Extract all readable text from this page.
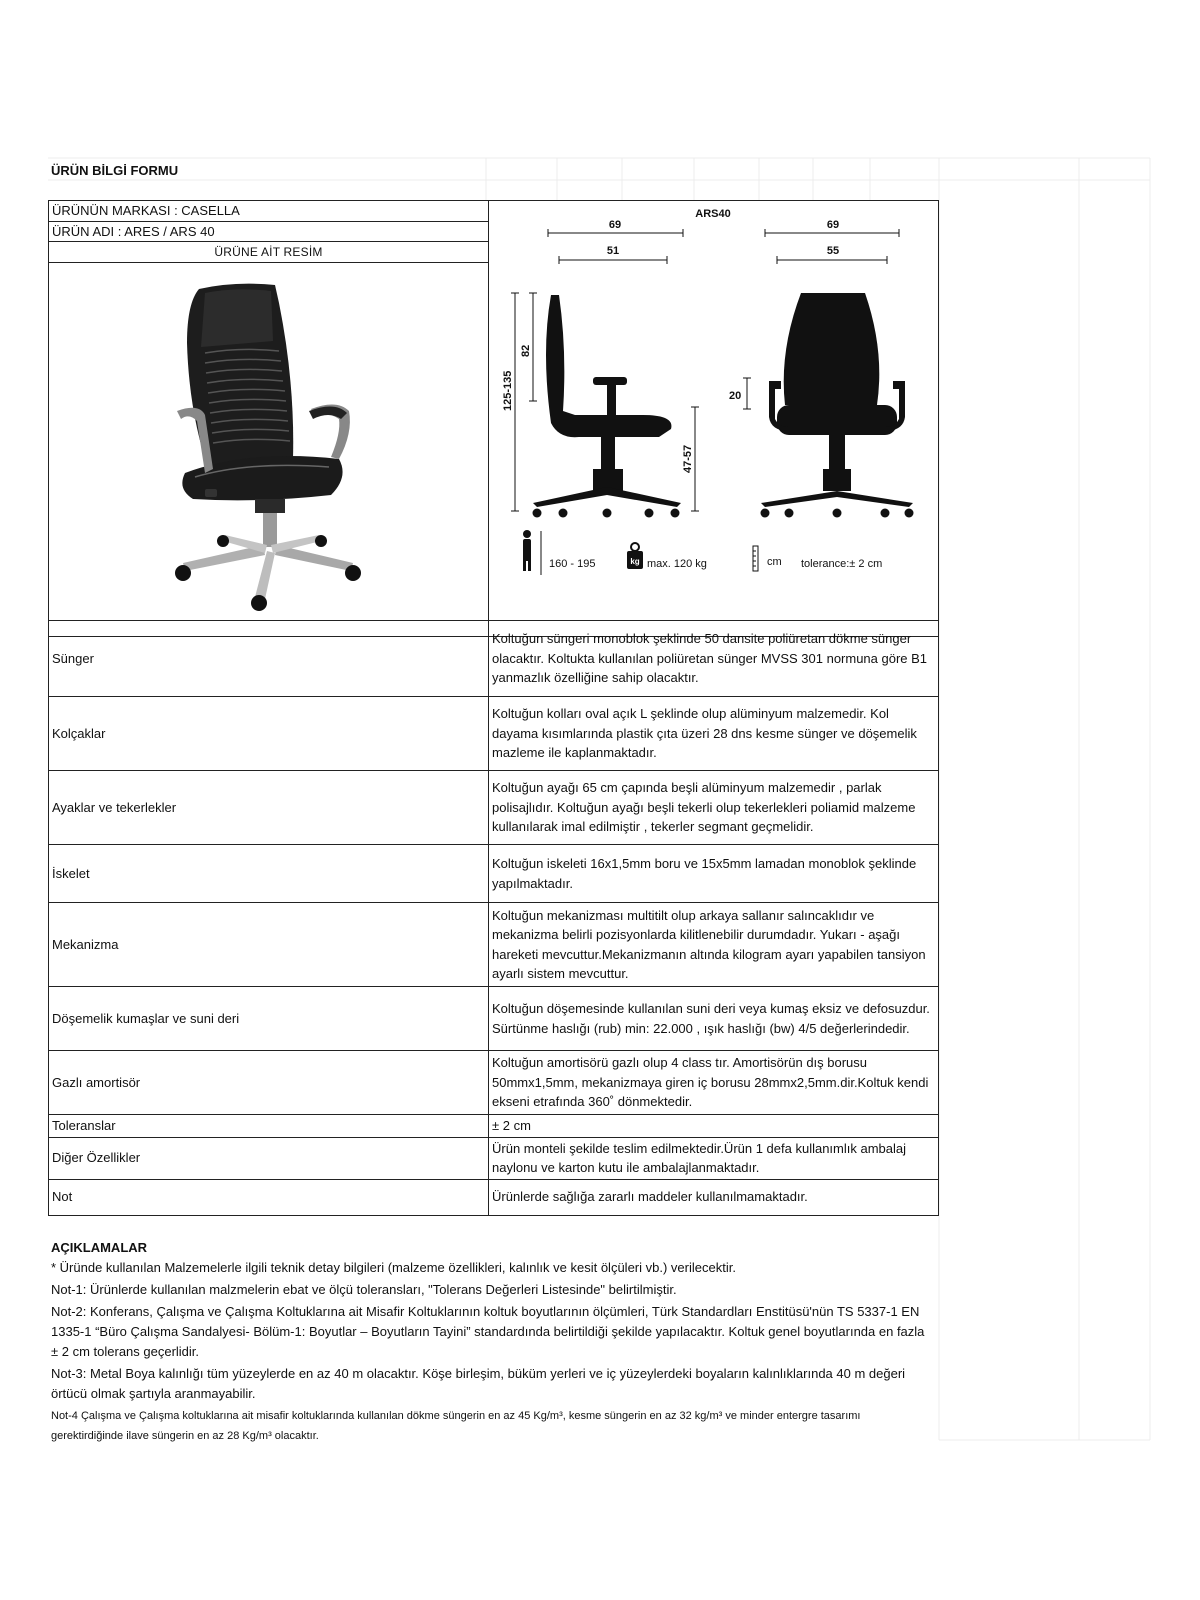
ÜRÜN BİLGİ FORMU
ÜRÜNÜN MARKASI : CASELLA	ARS40
69
51
69
55
125-135
82
47-57
20
160 - 195	kg max. 120 kg	cm tolerance:± 2 cm

ÜRÜN ADI : ARES / ARS 40
ÜRÜNE AİT RESİM

Sünger	Koltuğun süngeri monoblok şeklinde 50 dansite poliüretan dökme sünger olacaktır. Koltukta kullanılan poliüretan sünger MVSS 301 normuna göre B1 yanmazlık özelliğine sahip olacaktır.
Kolçaklar	Koltuğun kolları oval açık L şeklinde olup alüminyum malzemedir. Kol dayama kısımlarında plastik çıta üzeri 28 dns kesme sünger ve döşemelik mazleme ile kaplanmaktadır.
Ayaklar ve tekerlekler	Koltuğun ayağı 65 cm çapında beşli alüminyum malzemedir , parlak polisajlıdır. Koltuğun ayağı beşli tekerli olup tekerlekleri poliamid malzeme kullanılarak imal edilmiştir , tekerler segmant geçmelidir.
İskelet	Koltuğun iskeleti 16x1,5mm boru ve 15x5mm lamadan monoblok şeklinde yapılmaktadır.
Mekanizma	Koltuğun mekanizması multitilt olup arkaya sallanır salıncaklıdır ve mekanizma belirli pozisyonlarda kilitlenebilir durumdadır. Yukarı - aşağı hareketi mevcuttur.Mekanizmanın altında kilogram ayarı yapabilen tansiyon ayarlı sistem mevcuttur.
Döşemelik kumaşlar ve suni deri	Koltuğun döşemesinde kullanılan suni deri veya kumaş eksiz ve defosuzdur. Sürtünme haslığı (rub) min: 22.000 , ışık haslığı (bw) 4/5 değerlerindedir.
Gazlı amortisör	Koltuğun amortisörü gazlı olup 4 class tır. Amortisörün dış borusu 50mmx1,5mm, mekanizmaya giren iç borusu 28mmx2,5mm.dir.Koltuk kendi ekseni etrafında 360˚ dönmektedir.
Toleranslar	± 2 cm
Diğer Özellikler	Ürün monteli şekilde teslim edilmektedir.Ürün 1 defa kullanımlık ambalaj naylonu ve karton kutu ile ambalajlanmaktadır.
Not	Ürünlerde sağlığa zararlı maddeler kullanılmamaktadır.
AÇIKLAMALAR

* Üründe kullanılan Malzemelerle ilgili teknik detay bilgileri (malzeme özellikleri, kalınlık ve kesit ölçüleri vb.) verilecektir.

Not-1: Ürünlerde kullanılan malzmelerin ebat ve ölçü toleransları, "Tolerans Değerleri Listesinde" belirtilmiştir.

Not-2: Konferans, Çalışma ve Çalışma Koltuklarına ait Misafir Koltuklarının koltuk boyutlarının ölçümleri, Türk Standardları Enstitüsü'nün TS 5337-1 EN 1335-1 “Büro Çalışma Sandalyesi- Bölüm-1: Boyutlar – Boyutların Tayini” standardında belirtildiği şekilde yapılacaktır. Koltuk genel boyutlarında en fazla ± 2 cm tolerans geçerlidir.

Not-3: Metal Boya kalınlığı tüm yüzeylerde en az 40 m olacaktır. Köşe birleşim, büküm yerleri ve iç yüzeylerdeki boyaların kalınlıklarında 40 m değeri örtücü olmak şartıyla aranmayabilir.

Not-4 Çalışma ve Çalışma koltuklarına ait misafir koltuklarında kullanılan dökme süngerin en az 45 Kg/m³, kesme süngerin en az 32 kg/m³ ve minder entergre tasarımı gerektirdiğinde ilave süngerin en az 28 Kg/m³ olacaktır.
